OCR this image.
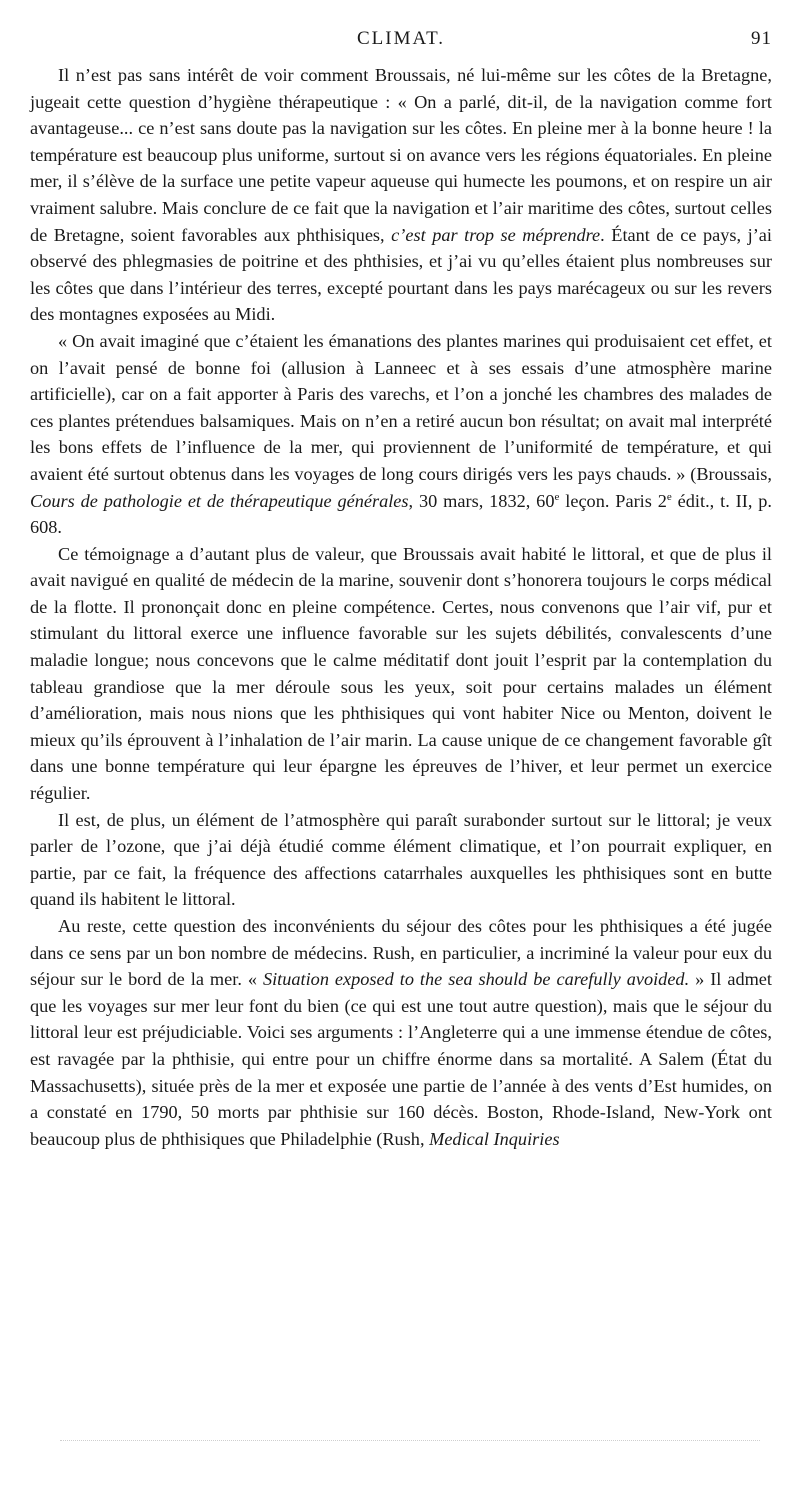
CLIMAT.	91

Il n’est pas sans intérêt de voir comment Broussais, né lui-même sur les côtes de la Bretagne, jugeait cette question d’hygiène thérapeutique : « On a parlé, dit-il, de la navigation comme fort avantageuse... ce n’est sans doute pas la navigation sur les côtes. En pleine mer à la bonne heure ! la température est beaucoup plus uniforme, surtout si on avance vers les régions équatoriales. En pleine mer, il s’élève de la surface une petite vapeur aqueuse qui humecte les poumons, et on respire un air vraiment salubre. Mais conclure de ce fait que la navigation et l’air maritime des côtes, surtout celles de Bretagne, soient favorables aux phthisiques, c’est par trop se méprendre. Étant de ce pays, j’ai observé des phlegmasies de poitrine et des phthisies, et j’ai vu qu’elles étaient plus nombreuses sur les côtes que dans l’intérieur des terres, excepté pourtant dans les pays marécageux ou sur les revers des montagnes exposées au Midi.

« On avait imaginé que c’étaient les émanations des plantes marines qui produisaient cet effet, et on l’avait pensé de bonne foi (allusion à Lanneec et à ses essais d’une atmosphère marine artificielle), car on a fait apporter à Paris des varechs, et l’on a jonché les chambres des malades de ces plantes prétendues balsamiques. Mais on n’en a retiré aucun bon résultat; on avait mal interprété les bons effets de l’influence de la mer, qui proviennent de l’uniformité de température, et qui avaient été surtout obtenus dans les voyages de long cours dirigés vers les pays chauds. » (Broussais, Cours de pathologie et de thérapeutique générales, 30 mars, 1832, 60e leçon. Paris 2e édit., t. II, p. 608.

Ce témoignage a d’autant plus de valeur, que Broussais avait habité le littoral, et que de plus il avait navigué en qualité de médecin de la marine, souvenir dont s’honorera toujours le corps médical de la flotte. Il prononçait donc en pleine compétence. Certes, nous convenons que l’air vif, pur et stimulant du littoral exerce une influence favorable sur les sujets débilités, convalescents d’une maladie longue; nous concevons que le calme méditatif dont jouit l’esprit par la contemplation du tableau grandiose que la mer déroule sous les yeux, soit pour certains malades un élément d’amélioration, mais nous nions que les phthisiques qui vont habiter Nice ou Menton, doivent le mieux qu’ils éprouvent à l’inhalation de l’air marin. La cause unique de ce changement favorable gît dans une bonne température qui leur épargne les épreuves de l’hiver, et leur permet un exercice régulier.

Il est, de plus, un élément de l’atmosphère qui paraît surabonder surtout sur le littoral; je veux parler de l’ozone, que j’ai déjà étudié comme élément climatique, et l’on pourrait expliquer, en partie, par ce fait, la fréquence des affections catarrhales auxquelles les phthisiques sont en butte quand ils habitent le littoral.

Au reste, cette question des inconvénients du séjour des côtes pour les phthisiques a été jugée dans ce sens par un bon nombre de médecins. Rush, en particulier, a incriminé la valeur pour eux du séjour sur le bord de la mer. « Situation exposed to the sea should be carefully avoided. » Il admet que les voyages sur mer leur font du bien (ce qui est une tout autre question), mais que le séjour du littoral leur est préjudiciable. Voici ses arguments : l’Angleterre qui a une immense étendue de côtes, est ravagée par la phthisie, qui entre pour un chiffre énorme dans sa mortalité. A Salem (État du Massachusetts), située près de la mer et exposée une partie de l’année à des vents d’Est humides, on a constaté en 1790, 50 morts par phthisie sur 160 décès. Boston, Rhode-Island, New-York ont beaucoup plus de phthisiques que Philadelphie (Rush, Medical Inquiries
